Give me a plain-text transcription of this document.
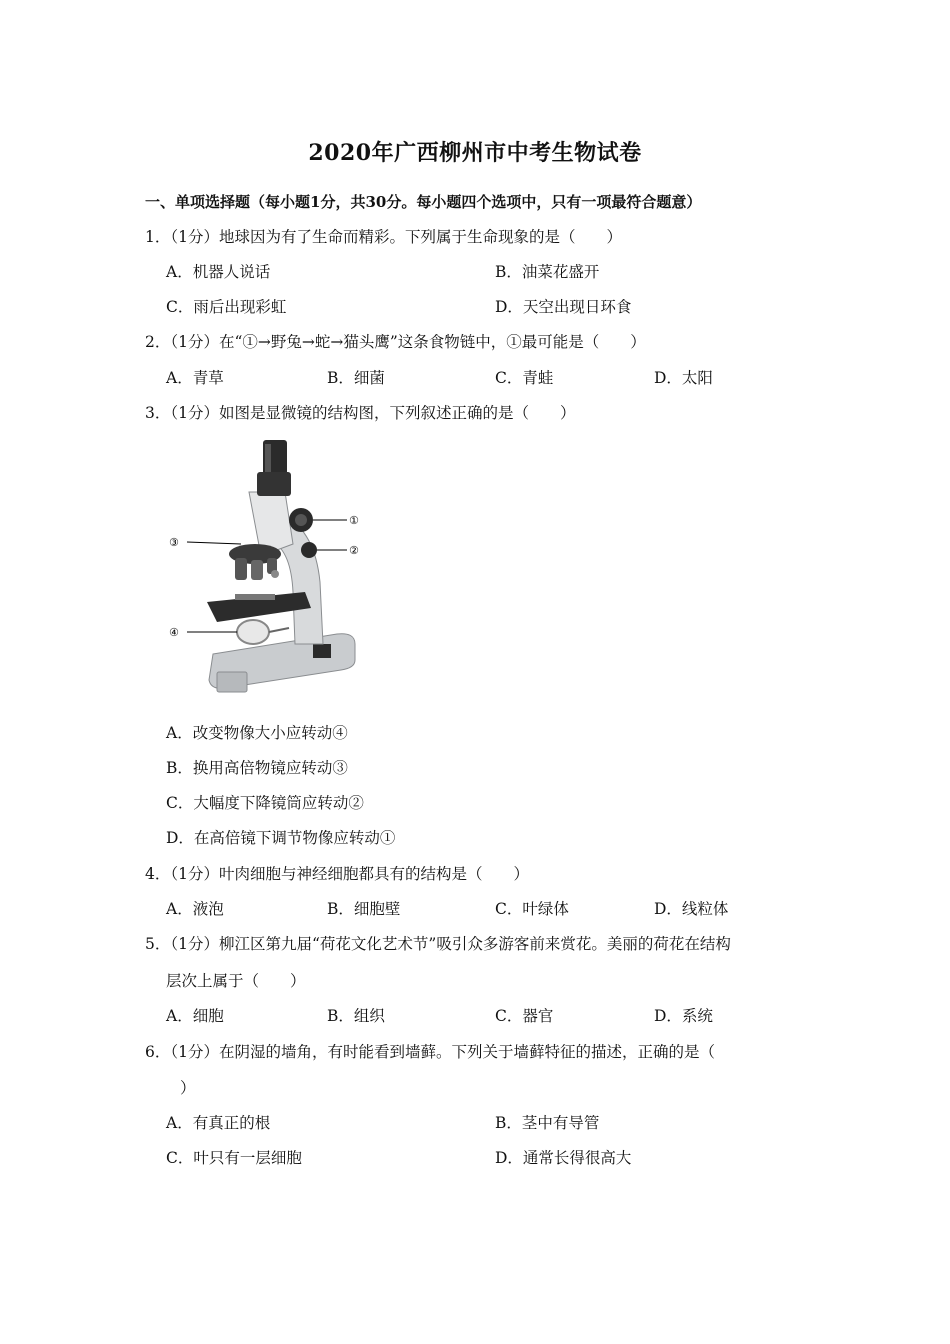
2020年广西柳州市中考生物试卷
一、单项选择题（每小题1分，共30分。每小题四个选项中，只有一项最符合题意）
1．（1分）地球因为有了生命而精彩。下列属于生命现象的是（　　）
A．机器人说话	B．油菜花盛开
C．雨后出现彩虹	D．天空出现日环食
2．（1分）在“①→野兔→蛇→猫头鹰”这条食物链中，①最可能是（　　）
A．青草	B．细菌	C．青蛙	D．太阳
3．（1分）如图是显微镜的结构图，下列叙述正确的是（　　）
①
②
③
④
A．改变物像大小应转动④
B．换用高倍物镜应转动③
C．大幅度下降镜筒应转动②
D．在高倍镜下调节物像应转动①
4．（1分）叶肉细胞与神经细胞都具有的结构是（　　）
A．液泡	B．细胞壁	C．叶绿体	D．线粒体
5．（1分）柳江区第九届“荷花文化艺术节”吸引众多游客前来赏花。美丽的荷花在结构
层次上属于（　　）
A．细胞	B．组织	C．器官	D．系统
6．（1分）在阴湿的墙角，有时能看到墙藓。下列关于墙藓特征的描述，正确的是（
）
A．有真正的根	B．茎中有导管
C．叶只有一层细胞	D．通常长得很高大
